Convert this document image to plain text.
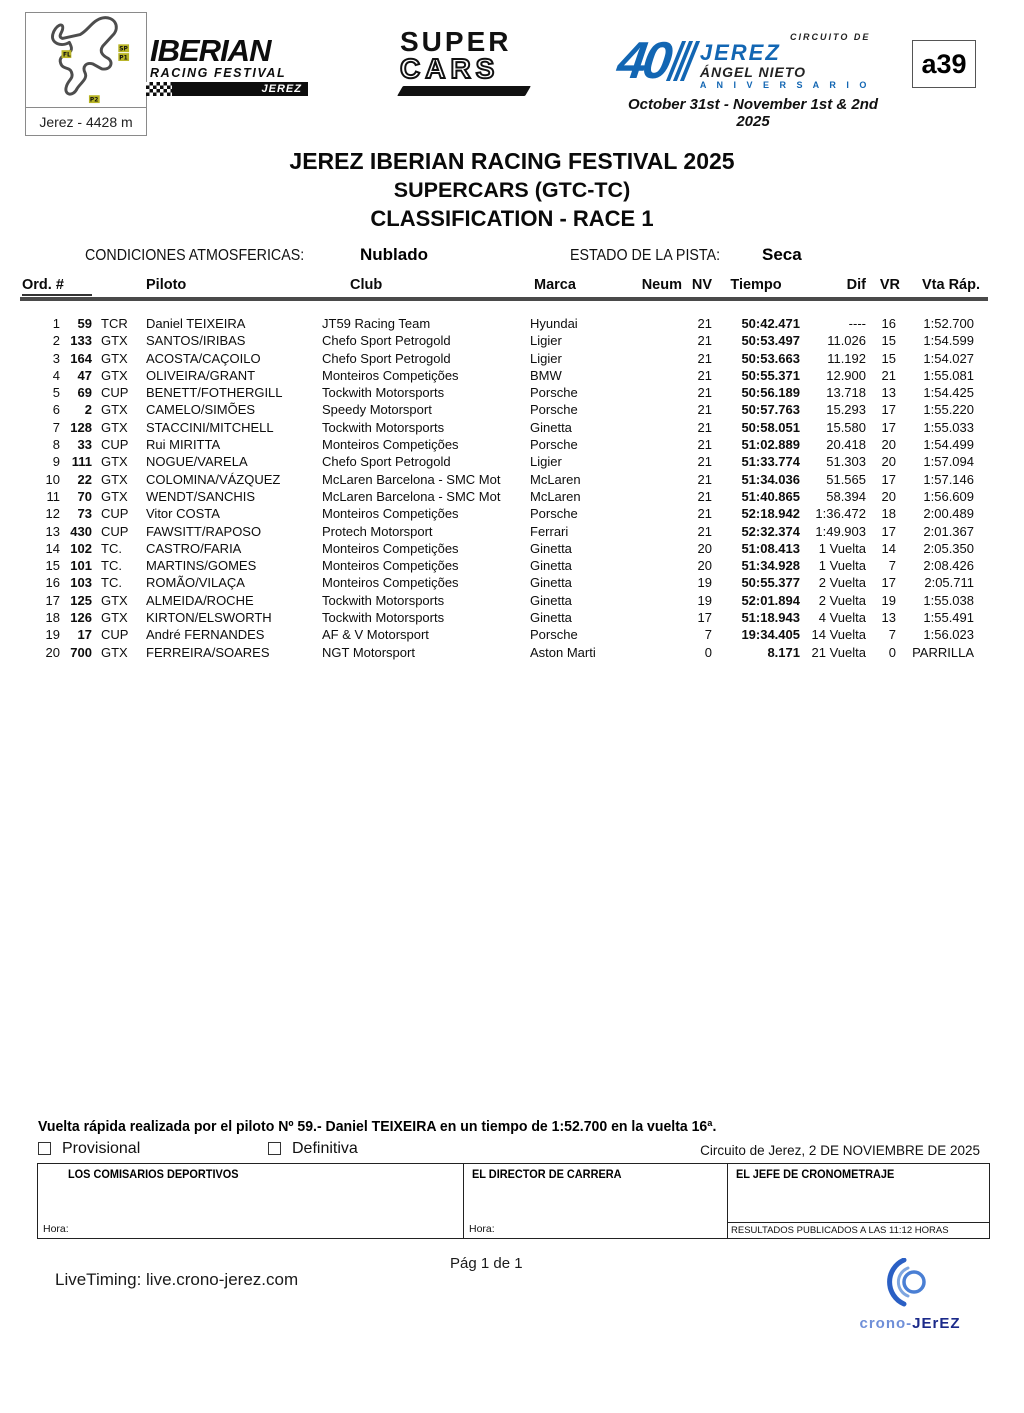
FL
SP
P1
P2
Jerez - 4428 m
IBERIAN
RACING FESTIVAL
JEREZ
SUPER
CARS	40	CIRCUITO DE
JEREZ
ÁNGEL NIETO
A N I V E R S A R I O
October 31st - November 1st & 2nd 2025
a39
JEREZ IBERIAN RACING FESTIVAL 2025
SUPERCARS (GTC-TC)
CLASSIFICATION - RACE 1
CONDICIONES ATMOSFERICAS:	Nublado	ESTADO DE LA PISTA: Seca
Ord. #	Piloto	Club	Marca	Neum NV	Tiempo	Dif VR	Vta Ráp.
1	59 TCR	Daniel TEIXEIRA	JT59 Racing Team	Hyundai	21	50:42.471	----	16	1:52.700
2 133 GTX	SANTOS/IRIBAS	Chefo Sport Petrogold	Ligier	21	50:53.497	11.026	15	1:54.599
3 164 GTX	ACOSTA/CAÇOILO	Chefo Sport Petrogold	Ligier	21	50:53.663	11.192	15	1:54.027
4	47 GTX	OLIVEIRA/GRANT	Monteiros Competições	BMW	21	50:55.371	12.900	21	1:55.081
5	69 CUP	BENETT/FOTHERGILL	Tockwith Motorsports	Porsche	21	50:56.189	13.718	13	1:54.425
6	2 GTX	CAMELO/SIMÕES	Speedy Motorsport	Porsche	21	50:57.763	15.293	17	1:55.220
7 128 GTX	STACCINI/MITCHELL	Tockwith Motorsports	Ginetta	21	50:58.051	15.580	17	1:55.033
8	33 CUP	Rui MIRITTA	Monteiros Competições	Porsche	21	51:02.889	20.418	20	1:54.499
9 111 GTX	NOGUE/VARELA	Chefo Sport Petrogold	Ligier	21	51:33.774	51.303	20	1:57.094
10	22 GTX	COLOMINA/VÁZQUEZ	McLaren Barcelona - SMC Mot	McLaren	21	51:34.036	51.565	17	1:57.146
11	70 GTX	WENDT/SANCHIS	McLaren Barcelona - SMC Mot	McLaren	21	51:40.865	58.394	20	1:56.609
12	73 CUP	Vitor COSTA	Monteiros Competições	Porsche	21	52:18.942	1:36.472	18	2:00.489
13 430 CUP	FAWSITT/RAPOSO	Protech Motorsport	Ferrari	21	52:32.374	1:49.903	17	2:01.367
14 102 TC.	CASTRO/FARIA	Monteiros Competições	Ginetta	20	51:08.413	1 Vuelta	14	2:05.350
15 101 TC.	MARTINS/GOMES	Monteiros Competições	Ginetta	20	51:34.928	1 Vuelta	7	2:08.426
16 103 TC.	ROMÃO/VILAÇA	Monteiros Competições	Ginetta	19	50:55.377	2 Vuelta	17	2:05.711
17 125 GTX	ALMEIDA/ROCHE	Tockwith Motorsports	Ginetta	19	52:01.894	2 Vuelta	19	1:55.038
18 126 GTX	KIRTON/ELSWORTH	Tockwith Motorsports	Ginetta	17	51:18.943	4 Vuelta	13	1:55.491
19	17 CUP	André FERNANDES	AF & V Motorsport	Porsche	7	19:34.405 14 Vuelta	7	1:56.023
20 700 GTX	FERREIRA/SOARES	NGT Motorsport	Aston Marti	0	8.171 21 Vuelta	0	PARRILLA
Vuelta rápida realizada por el piloto Nº 59.- Daniel TEIXEIRA en un tiempo de 1:52.700 en la vuelta 16ª.
Provisional	Definitiva	Circuito de Jerez, 2 DE NOVIEMBRE DE 2025
LOS COMISARIOS DEPORTIVOS
Hora:
EL DIRECTOR DE CARRERA
Hora:
EL JEFE DE CRONOMETRAJE
RESULTADOS PUBLICADOS A LAS 11:12 HORAS
LiveTiming: live.crono-jerez.com
Pág 1 de 1
crono-JErEZ
